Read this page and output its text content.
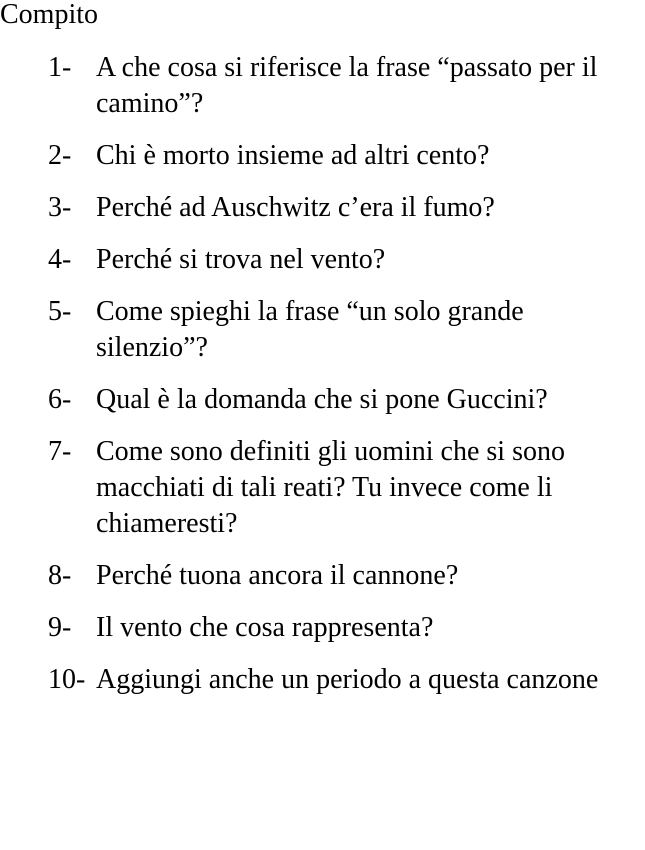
Compito
1- A che cosa si riferisce la frase “passato per il camino”?
2- Chi è morto insieme ad altri cento?
3- Perché ad Auschwitz c’era il fumo?
4- Perché si trova nel vento?
5- Come spieghi la frase “un solo grande silenzio”?
6- Qual è la domanda che si pone Guccini?
7- Come sono definiti gli uomini che si sono macchiati di tali reati? Tu invece come li chiameresti?
8- Perché tuona ancora il cannone?
9- Il vento che cosa rappresenta?
10- Aggiungi anche un periodo a questa canzone
